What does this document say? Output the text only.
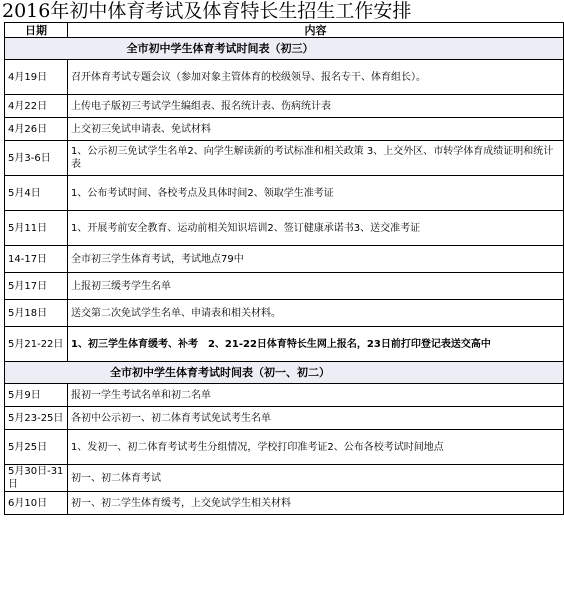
2016年初中体育考试及体育特长生招生工作安排
日期	内容
全市初中学生体育考试时间表（初三）	
4月19日	召开体育考试专题会议（参加对象主管体育的校级领导、报名专干、体育组长）。
4月22日	上传电子版初三考试学生编组表、报名统计表、伤病统计表
4月26日	上交初三免试申请表、免试材料
5月3-6日	1、公示初三免试学生名单2、向学生解读新的考试标准和相关政策 3、上交外区、市转学体育成绩证明和统计表
5月4日	1、公布考试时间、各校考点及具体时间2、领取学生准考证
5月11日	1、开展考前安全教育、运动前相关知识培训2、签订健康承诺书3、送交准考证
14-17日	全市初三学生体育考试，考试地点79中
5月17日	上报初三缓考学生名单
5月18日	送交第二次免试学生名单、申请表和相关材料。
5月21-22日	1、初三学生体育缓考、补考　2、21-22日体育特长生网上报名，23日前打印登记表送交高中
全市初中学生体育考试时间表（初一、初二）	
5月9日	报初一学生考试名单和初二名单
5月23-25日	各初中公示初一、初二体育考试免试考生名单
5月25日	1、发初一、初二体育考试考生分组情况，学校打印准考证2、公布各校考试时间地点
5月30日-31日	初一、初二体育考试
6月10日	初一、初二学生体育缓考，上交免试学生相关材料
